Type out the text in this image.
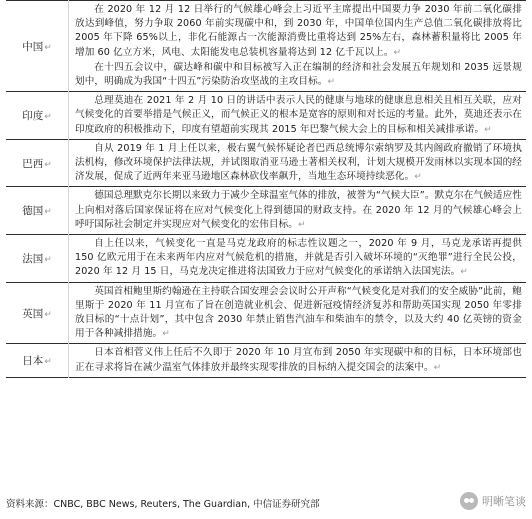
中国↵	在 2020 年 12 月 12 日举行的气候雄心峰会上习近平主席提出中国要力争 2030 年前二氧化碳排放达到峰值，努力争取 2060 年前实现碳中和，到 2030 年，中国单位国内生产总值二氧化碳排放将比 2005 年下降 65%以上，非化石能源占一次能源消费比重将达到 25%左右，森林蓄积量将比 2005 年增加 60 亿立方米，风电、太阳能发电总装机容量将达到 12 亿千瓦以上。↵

在十四五会议中，碳达峰和碳中和目标被写入正在编制的经济和社会发展五年规划和 2035 远景规划中，明确成为我国“十四五”污染防治攻坚战的主攻目标。↵

印度↵	总理莫迪在 2021 年 2 月 10 日的讲话中表示人民的健康与地球的健康息息相关且相互关联，应对气候变化的首要举措是气候正义，而气候正义的根本是宽容的原则和对长远的考量。此外，莫迪还表示在印度政府的积极推动下，印度有望超前实现其 2015 年巴黎气候大会上的目标和相关减排承诺。↵

巴西↵	自从 2019 年 1 月上任以来，极右翼气候怀疑论者巴西总统博尔索纳罗及其内阁政府撤销了环境执法机构，修改环境保护法律法规，并试图取消亚马逊土著相关权利，计划大规模开发雨林以实现本国的经济发展，促成了近两年来亚马逊地区森林砍伐率飙升，当地生态环境持续恶化。↵

德国↵	德国总理默克尔长期以来致力于减少全球温室气体的排放，被誉为“气候大臣”。默克尔在气候适应性上向相对落后国家保证将在应对气候变化上得到德国的财政支持。在 2020 年 12 月的气候雄心峰会上呼吁国际社会制定并实现应对气候变化的宏伟目标。↵

法国↵	自上任以来，气候变化一直是马克龙政府的标志性议题之一，2020 年 9 月，马克龙承诺再提供 150 亿欧元用于在未来两年内应对气候危机的措施，并就是否引入破坏环境的“灭绝罪”进行全民公投，2020 年 12 月 15 日，马克龙决定推进将法国致力于应对气候变化的承诺纳入法国宪法。↵

英国↵	英国首相鲍里斯约翰逊在主持联合国安理会会议时公开声称“气候变化是对我们的安全威胁”此前，鲍里斯于 2020 年 11 月宣布了旨在创造就业机会、促进新冠疫情经济复苏和帮助英国实现 2050 年零排放目标的“十点计划”，其中包含 2030 年禁止销售汽油车和柴油车的禁令，以及大约 40 亿英镑的资金用于各种减排措施。↵

日本↵	日本首相菅义伟上任后不久即于 2020 年 10 月宣布到 2050 年实现碳中和的目标，日本环境部也正在寻求将旨在减少温室气体排放并最终实现零排放的目标纳入提交国会的法案中。↵

资料来源：CNBC, BBC News, Reuters, The Guardian, 中信证券研究部	明晰笔谈
